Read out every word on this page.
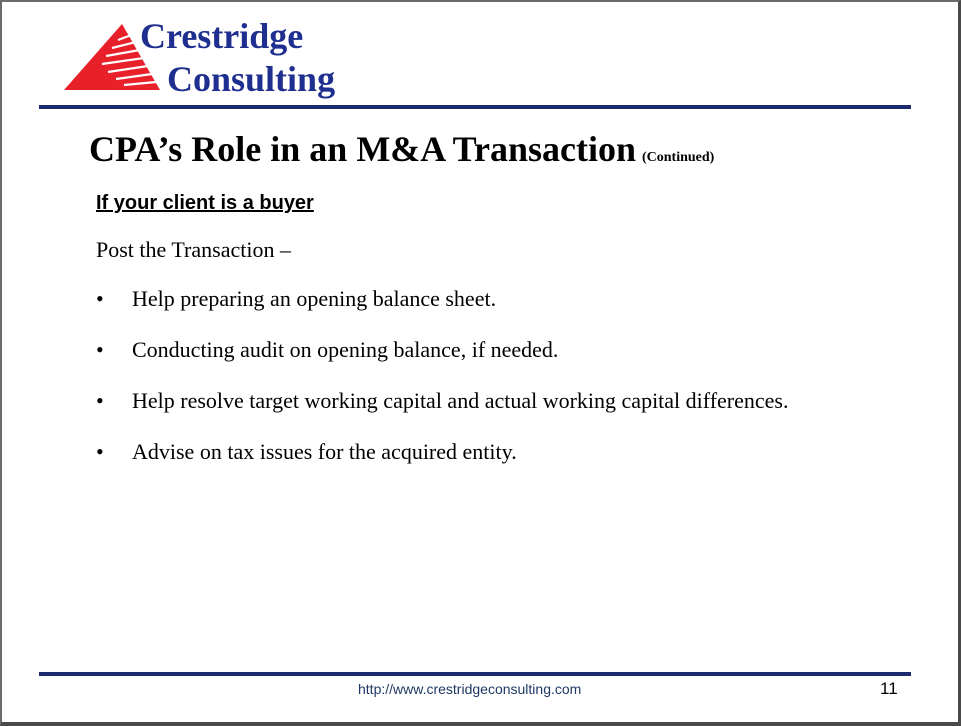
Crestridge
Consulting
CPA’s Role in an M&A Transaction (Continued)
If your client is a buyer
Post the Transaction –
• Help preparing an opening balance sheet.
• Conducting audit on opening balance, if needed.
• Help resolve target working capital and actual working capital differences.
• Advise on tax issues for the acquired entity.
http://www.crestridgeconsulting.com	11
